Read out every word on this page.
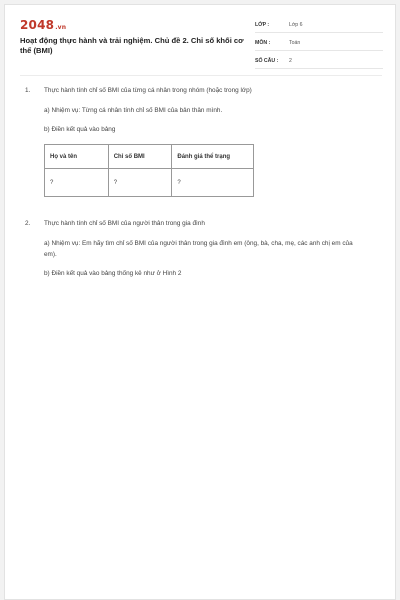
2048.vn
Hoạt động thực hành và trải nghiệm. Chủ đề 2. Chỉ số khối cơ thể (BMI)
LỚP :	Lớp 6
MÔN :	Toán
SỐ CÂU : 2
1. Thực hành tính chỉ số BMI của từng cá nhân trong nhóm (hoặc trong lớp)
a) Nhiệm vụ: Từng cá nhân tính chỉ số BMI của bản thân mình.
b) Điền kết quả vào bảng
Họ và tên	Chỉ số BMI	Đánh giá thể trạng
?	?	?
2. Thực hành tính chỉ số BMI của người thân trong gia đình
a) Nhiệm vụ: Em hãy tìm chỉ số BMI của người thân trong gia đình em (ông, bà, cha, mẹ, các anh chị em của em).
b) Điền kết quả vào bảng thống kê như ở Hình 2
